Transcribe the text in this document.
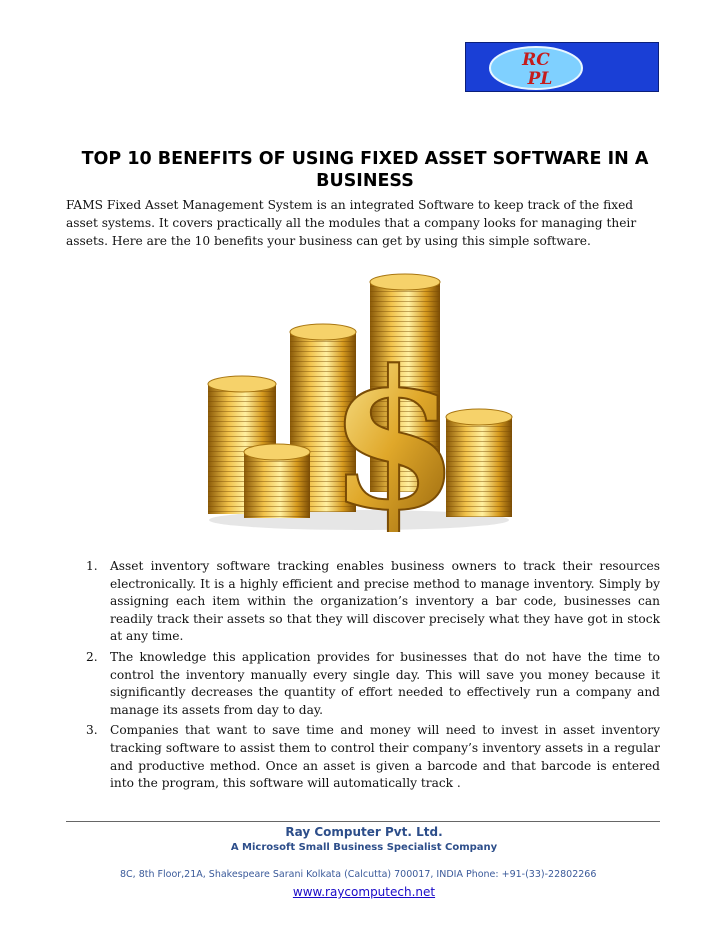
RC
PL
TOP 10 BENEFITS OF USING FIXED ASSET SOFTWARE IN A
BUSINESS
FAMS Fixed Asset Management System is an integrated Software to keep track of the fixed asset systems. It covers practically all the modules that a company looks for managing their assets. Here are the 10 benefits your business can get by using this simple software.
$
1. Asset inventory software tracking enables business owners to track their resources electronically. It is a highly efficient and precise method to manage inventory. Simply by assigning each item within the organization’s inventory a bar code, businesses can readily track their assets so that they will discover precisely what they have got in stock at any time.
2. The knowledge this application provides for businesses that do not have the time to control the inventory manually every single day. This will save you money because it significantly decreases the quantity of effort needed to effectively run a company and manage its assets from day to day.
3. Companies that want to save time and money will need to invest in asset inventory tracking software to assist them to control their company’s inventory assets in a regular and productive method. Once an asset is given a barcode and that barcode is entered into the program, this software will automatically track .
Ray Computer Pvt. Ltd.
A Microsoft Small Business Specialist Company
8C, 8th Floor,21A, Shakespeare Sarani Kolkata (Calcutta) 700017, INDIA Phone: +91-(33)-22802266
www.raycomputech.net
